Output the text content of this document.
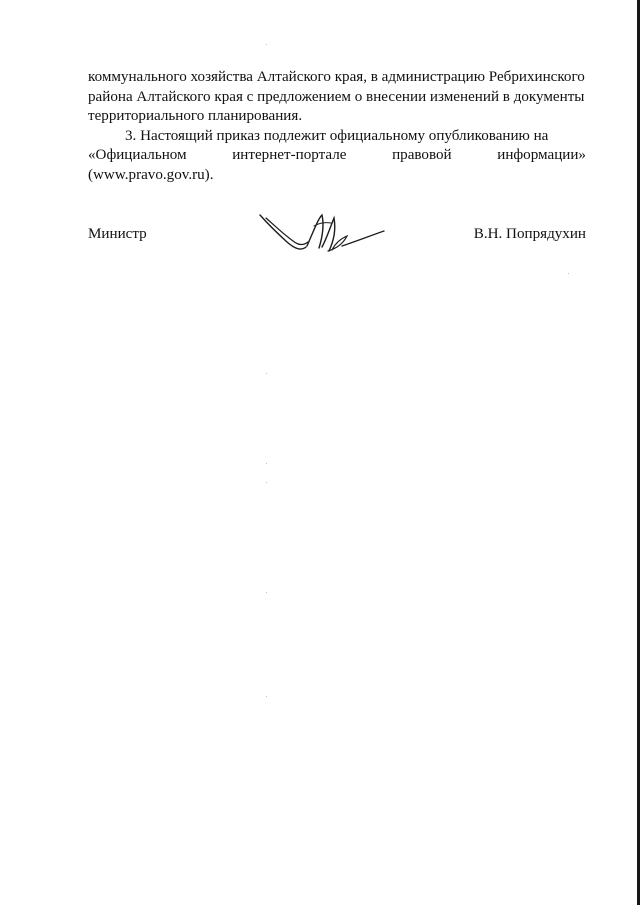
коммунального хозяйства Алтайского края, в администрацию Ребрихинского
района Алтайского края с предложением о внесении изменений в документы
территориального планирования.
3. Настоящий приказ подлежит официальному опубликованию на
«Официальном	интернет-портале	правовой	информации»
(www.pravo.gov.ru).
Министр	В.Н. Попрядухин
